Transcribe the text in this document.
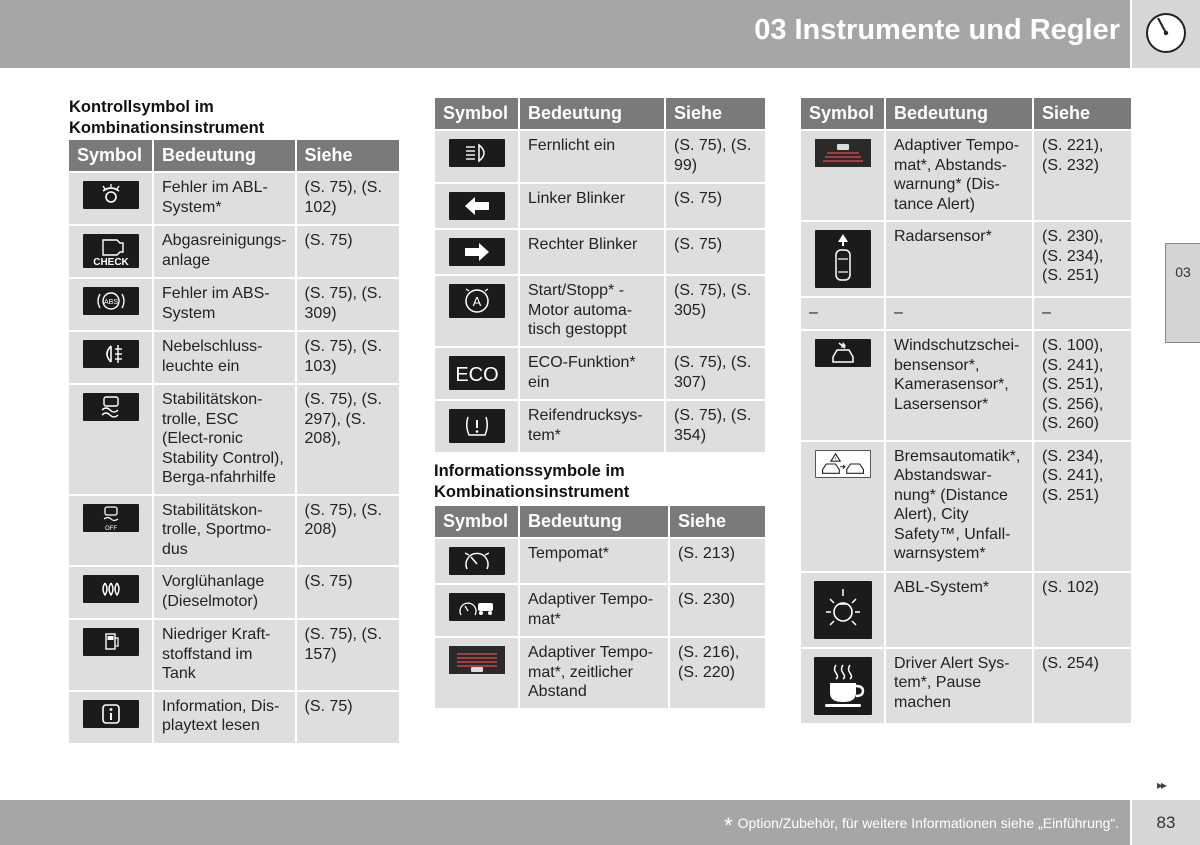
03 Instrumente und Regler
03
Kontrollsymbol im
Kombinationsinstrument
Symbol	Bedeutung	Siehe

	Fehler im ABL-System*	(S. 75), (S. 102)

CHECK	Abgasreinigungs-anlage	(S. 75)

ABS	Fehler im ABS-System	(S. 75), (S. 309)

	Nebelschluss-leuchte ein	(S. 75), (S. 103)

	Stabilitätskon-trolle, ESC (Elect-ronic Stability Control), Berga-nfahrhilfe	(S. 75), (S. 297), (S. 208),

OFF	Stabilitätskon-trolle, Sportmo-dus	(S. 75), (S. 208)

	Vorglühanlage (Dieselmotor)	(S. 75)

	Niedriger Kraft-stoffstand im Tank	(S. 75), (S. 157)

	Information, Dis-playtext lesen	(S. 75)
Symbol	Bedeutung	Siehe

	Fernlicht ein	(S. 75), (S. 99)

	Linker Blinker	(S. 75)

	Rechter Blinker	(S. 75)

A	Start/Stopp* - Motor automa-tisch gestoppt	(S. 75), (S. 305)

ECO	ECO-Funktion* ein	(S. 75), (S. 307)

	Reifendrucksys-tem*	(S. 75), (S. 354)
Informationssymbole im
Kombinationsinstrument
Symbol	Bedeutung	Siehe

	Tempomat*	(S. 213)

	Adaptiver Tempo-mat*	(S. 230)

	Adaptiver Tempo-mat*, zeitlicher Abstand	(S. 216), (S. 220)
Symbol	Bedeutung	Siehe

	Adaptiver Tempo-mat*, Abstands-warnung* (Dis-tance Alert)	(S. 221), (S. 232)

	Radarsensor*	(S. 230), (S. 234), (S. 251)
–	–	–

	Windschutzschei-bensensor*, Kamerasensor*, Lasersensor*	(S. 100), (S. 241), (S. 251), (S. 256), (S. 260)

!	Bremsautomatik*, Abstandswar-nung* (Distance Alert), City Safety™, Unfall-warnsystem*	(S. 234), (S. 241), (S. 251)

	ABL-System*	(S. 102)

	Driver Alert Sys-tem*, Pause machen	(S. 254)
▸▸
* Option/Zubehör, für weitere Informationen siehe „Einführung“.	83
